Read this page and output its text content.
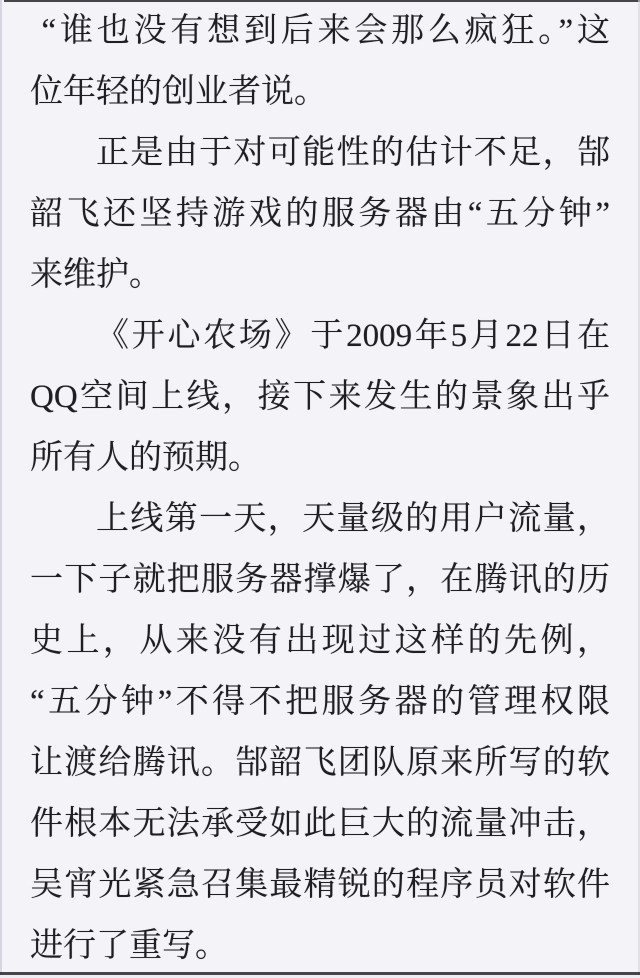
“谁也没有想到后来会那么疯狂。”这
位年轻的创业者说。
正是由于对可能性的估计不足，郜
韶飞还坚持游戏的服务器由“五分钟”
来维护。
《开心农场》于2009年5月22日在
QQ空间上线，接下来发生的景象出乎
所有人的预期。
上线第一天，天量级的用户流量，
一下子就把服务器撑爆了，在腾讯的历
史上，从来没有出现过这样的先例，
“五分钟”不得不把服务器的管理权限
让渡给腾讯。郜韶飞团队原来所写的软
件根本无法承受如此巨大的流量冲击，
吴宵光紧急召集最精锐的程序员对软件
进行了重写。
